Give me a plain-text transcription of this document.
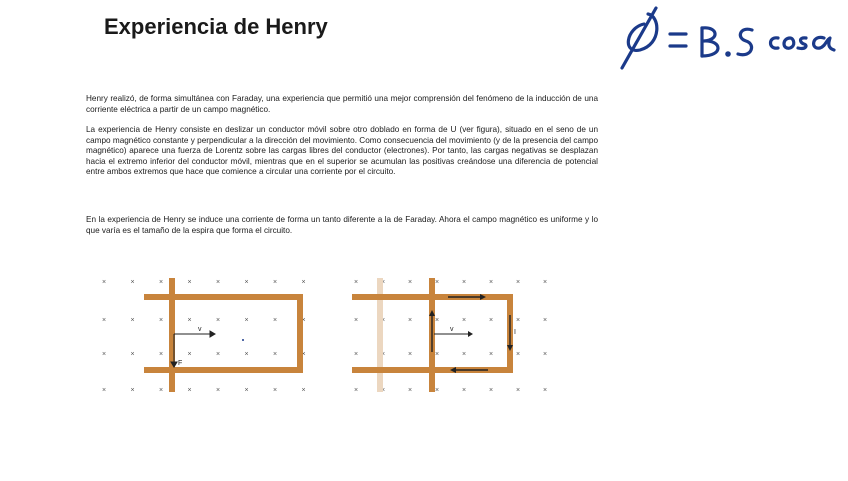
Experiencia de Henry

Henry realizó, de forma simultánea con Faraday, una experiencia que permitió una mejor comprensión del fenómeno de la inducción de una corriente eléctrica a partir de un campo magnético.

La experiencia de Henry consiste en deslizar un conductor móvil sobre otro doblado en forma de U (ver figura), situado en el seno de un campo magnético constante y perpendicular a la dirección del movimiento. Como consecuencia del movimiento (y de la presencia del campo magnético) aparece una fuerza de Lorentz sobre las cargas libres del conductor (electrones). Por tanto, las cargas negativas se desplazan hacia el extremo inferior del conductor móvil, mientras que en el superior se acumulan las positivas creándose una diferencia de potencial entre ambos extremos que hace que comience a circular una corriente por el circuito.

En la experiencia de Henry se induce una corriente de forma un tanto diferente a la de Faraday. Ahora el campo magnético es uniforme y lo que varía es el tamaño de la espira que forma el circuito.

×	×	×	×	×	×	×	×
×	×	×	×	×	×	×	×
×	×	×	×	×	×	×	×
×	×	×	×	×	×	×	×
×	×	×	×	×	×	×	×
×	×	×	×	×	×	×	×
×	×	×	×	×	×	×	×
×	×	×	×	×	×	×	×
v
F
v	I
